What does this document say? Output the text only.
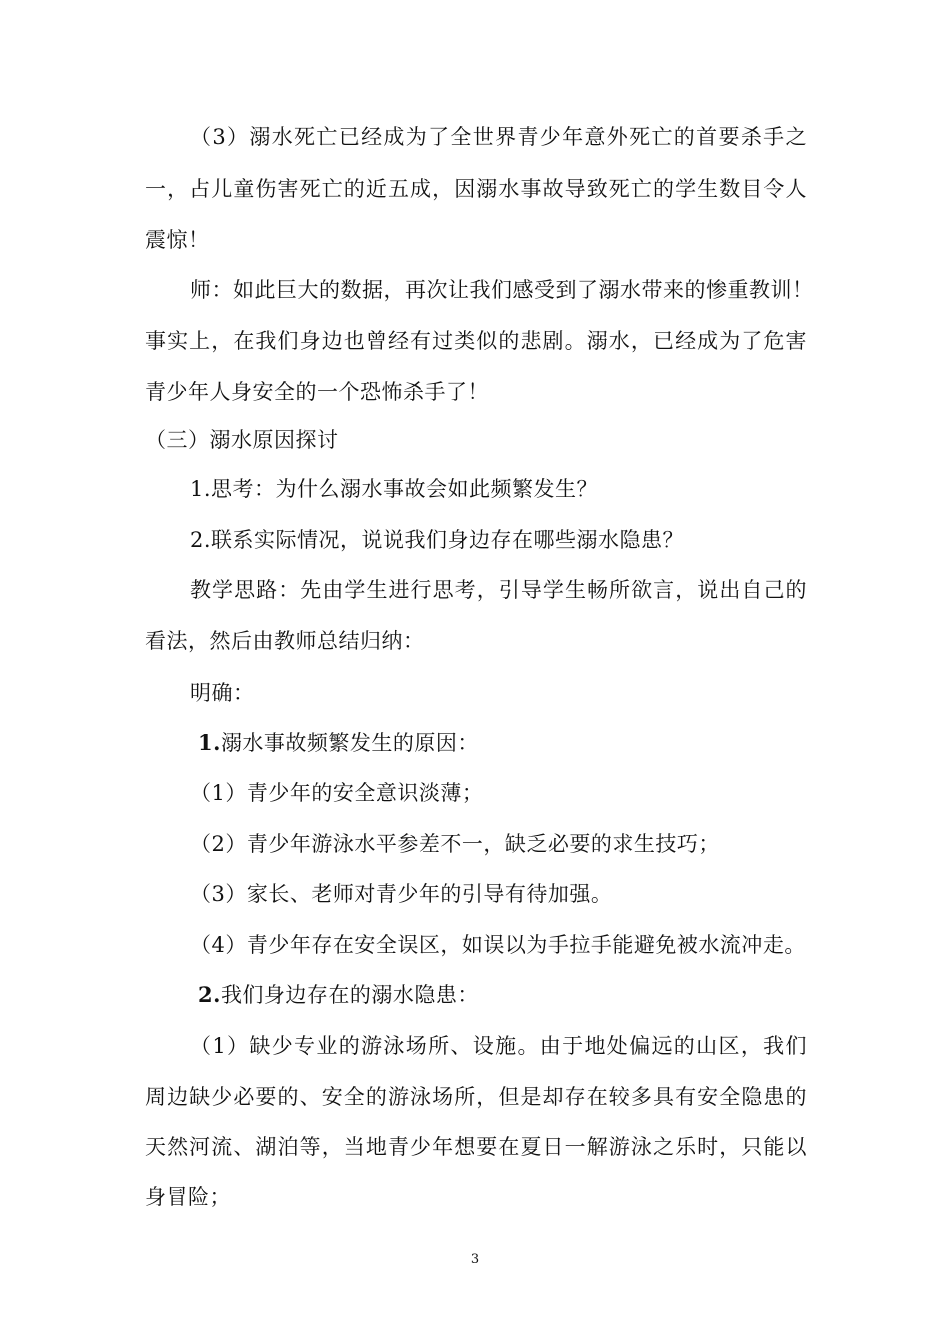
（3）溺水死亡已经成为了全世界青少年意外死亡的首要杀手之
一，占儿童伤害死亡的近五成，因溺水事故导致死亡的学生数目令人
震惊！
师：如此巨大的数据，再次让我们感受到了溺水带来的惨重教训！
事实上，在我们身边也曾经有过类似的悲剧。溺水，已经成为了危害
青少年人身安全的一个恐怖杀手了！
（三）溺水原因探讨
1.思考：为什么溺水事故会如此频繁发生？
2.联系实际情况，说说我们身边存在哪些溺水隐患？
教学思路：先由学生进行思考，引导学生畅所欲言，说出自己的
看法，然后由教师总结归纳：
明确：
1.溺水事故频繁发生的原因：
（1）青少年的安全意识淡薄；
（2）青少年游泳水平参差不一，缺乏必要的求生技巧；
（3）家长、老师对青少年的引导有待加强。
（4）青少年存在安全误区，如误以为手拉手能避免被水流冲走。
2.我们身边存在的溺水隐患：
（1）缺少专业的游泳场所、设施。由于地处偏远的山区，我们
周边缺少必要的、安全的游泳场所，但是却存在较多具有安全隐患的
天然河流、湖泊等，当地青少年想要在夏日一解游泳之乐时，只能以
身冒险；
3
